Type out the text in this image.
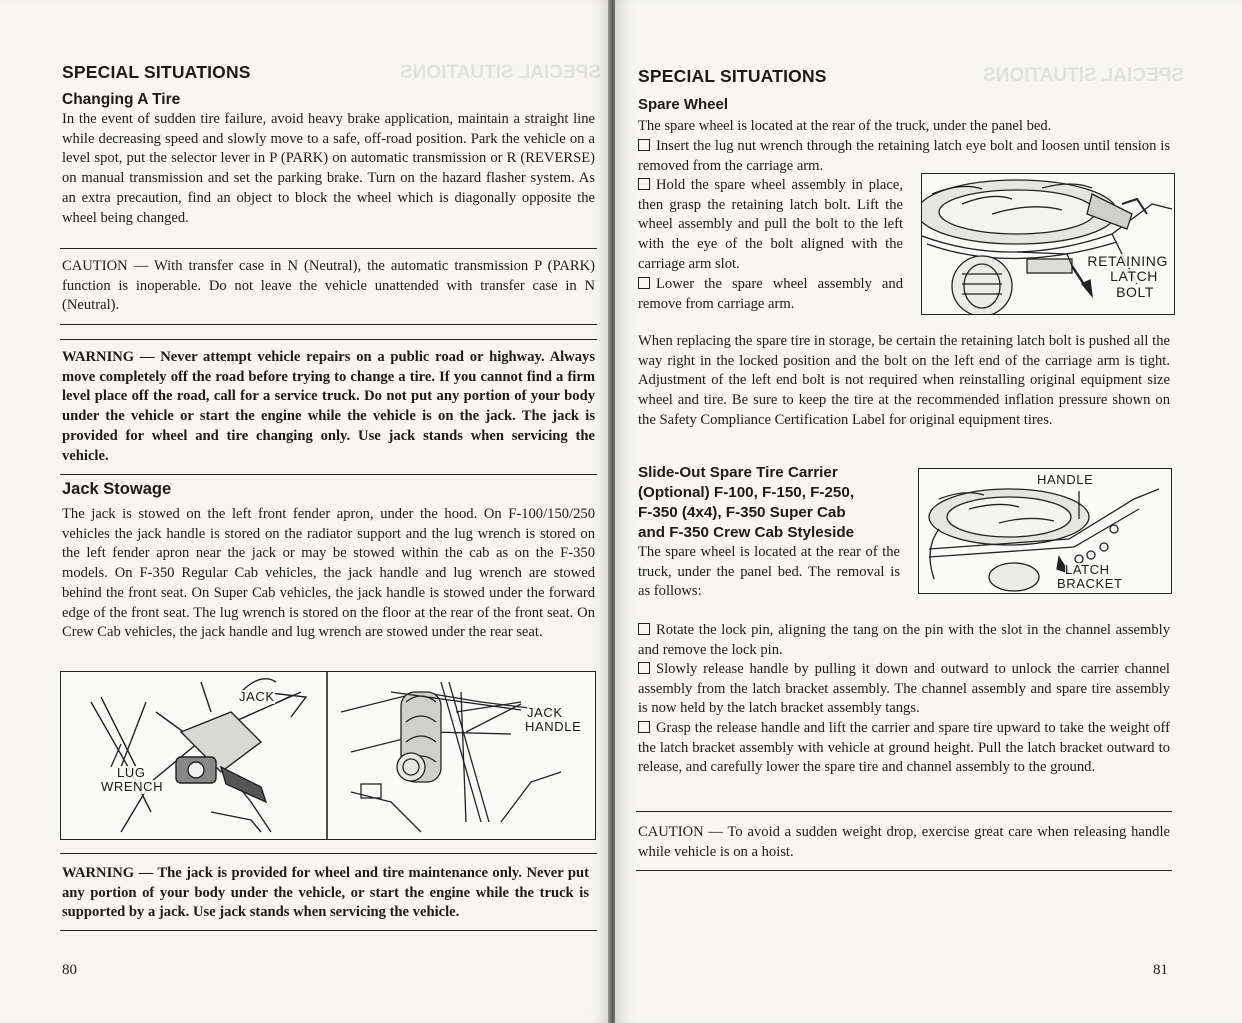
SPECIAL SITUATIONS
SPECIAL SITUATIONS
Changing A Tire
In the event of sudden tire failure, avoid heavy brake application, maintain a straight line while decreasing speed and slowly move to a safe, off-road position. Park the vehicle on a level spot, put the selector lever in P (PARK) on automatic transmission or R (REVERSE) on manual transmission and set the parking brake. Turn on the hazard flasher system. As an extra precaution, find an object to block the wheel which is diagonally opposite the wheel being changed.
CAUTION — With transfer case in N (Neutral), the automatic transmission P (PARK) function is inoperable. Do not leave the vehicle unattended with transfer case in N (Neutral).
WARNING — Never attempt vehicle repairs on a public road or highway. Always move completely off the road before trying to change a tire. If you cannot find a firm level place off the road, call for a service truck. Do not put any portion of your body under the vehicle or start the engine while the vehicle is on the jack. The jack is provided for wheel and tire changing only. Use jack stands when servicing the vehicle.
Jack Stowage
The jack is stowed on the left front fender apron, under the hood. On F-100/150/250 vehicles the jack handle is stored on the radiator support and the lug wrench is stored on the left fender apron near the jack or may be stowed within the cab as on the F-350 models. On F-350 Regular Cab vehicles, the jack handle and lug wrench are stowed behind the front seat. On Super Cab vehicles, the jack handle is stowed under the forward edge of the front seat. The lug wrench is stored on the floor at the rear of the front seat. On Crew Cab vehicles, the jack handle and lug wrench are stowed under the rear seat.
JACK
LUG
WRENCH
JACK
HANDLE
WARNING — The jack is provided for wheel and tire maintenance only. Never put any portion of your body under the vehicle, or start the engine while the truck is supported by a jack. Use jack stands when servicing the vehicle.
80
SPECIAL SITUATIONS
SPECIAL SITUATIONS
Spare Wheel
The spare wheel is located at the rear of the truck, under the panel bed.
Insert the lug nut wrench through the retaining latch eye bolt and loosen until tension is removed from the carriage arm.
Hold the spare wheel assembly in place, then grasp the retaining latch bolt. Lift the wheel assembly and pull the bolt to the left with the eye of the bolt aligned with the carriage arm slot.
Lower the spare wheel assembly and remove from carriage arm.
RETAINING
LATCH
BOLT
When replacing the spare tire in storage, be certain the retaining latch bolt is pushed all the way right in the locked position and the bolt on the left end of the carriage arm is tight. Adjustment of the left end bolt is not required when reinstalling original equipment size wheel and tire. Be sure to keep the tire at the recommended inflation pressure shown on the Safety Compliance Certification Label for original equipment tires.
Slide-Out Spare Tire Carrier
(Optional) F-100, F-150, F-250,
F-350 (4x4), F-350 Super Cab
and F-350 Crew Cab Styleside
The spare wheel is located at the rear of the truck, under the panel bed. The removal is as follows:
HANDLE
LATCH
BRACKET
Rotate the lock pin, aligning the tang on the pin with the slot in the channel assembly and remove the lock pin.
Slowly release handle by pulling it down and outward to unlock the carrier channel assembly from the latch bracket assembly. The channel assembly and spare tire assembly is now held by the latch bracket assembly tangs.
Grasp the release handle and lift the carrier and spare tire upward to take the weight off the latch bracket assembly with vehicle at ground height. Pull the latch bracket outward to release, and carefully lower the spare tire and channel assembly to the ground.
CAUTION — To avoid a sudden weight drop, exercise great care when releasing handle while vehicle is on a hoist.
81
